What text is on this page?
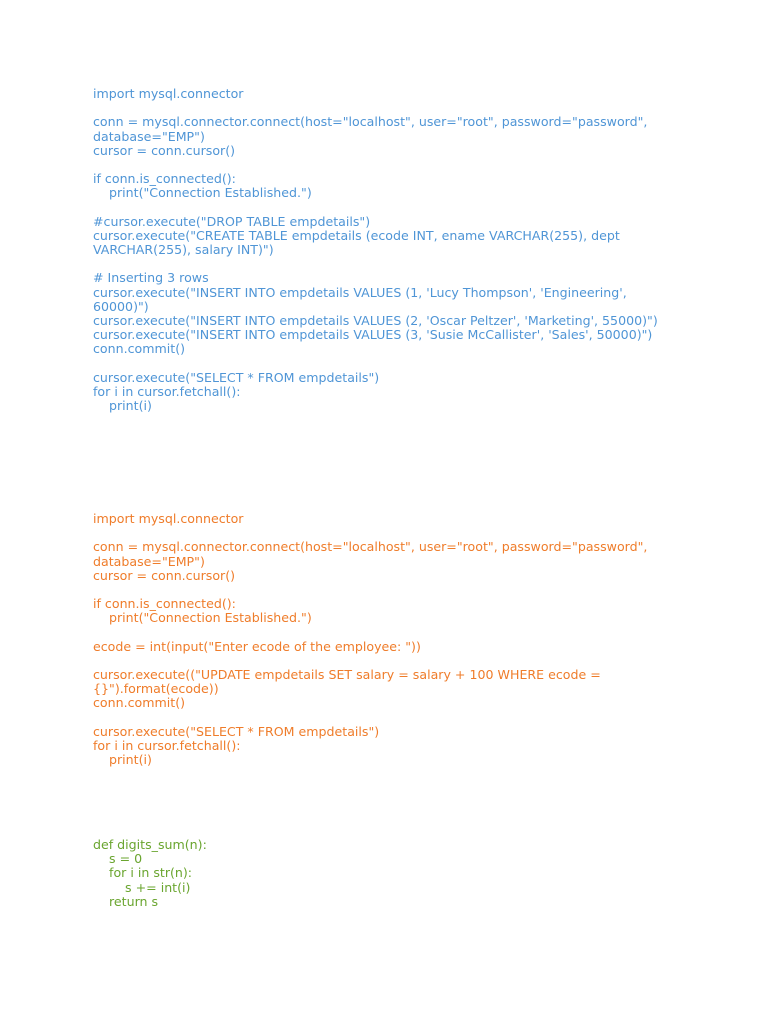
import mysql.connector
conn = mysql.connector.connect(host="localhost", user="root", password="password",
database="EMP")
cursor = conn.cursor()
if conn.is_connected():
print("Connection Established.")
#cursor.execute("DROP TABLE empdetails")
cursor.execute("CREATE TABLE empdetails (ecode INT, ename VARCHAR(255), dept
VARCHAR(255), salary INT)")
# Inserting 3 rows
cursor.execute("INSERT INTO empdetails VALUES (1, 'Lucy Thompson', 'Engineering',
60000)")
cursor.execute("INSERT INTO empdetails VALUES (2, 'Oscar Peltzer', 'Marketing', 55000)")
cursor.execute("INSERT INTO empdetails VALUES (3, 'Susie McCallister', 'Sales', 50000)")
conn.commit()
cursor.execute("SELECT * FROM empdetails")
for i in cursor.fetchall():
print(i)
import mysql.connector
conn = mysql.connector.connect(host="localhost", user="root", password="password",
database="EMP")
cursor = conn.cursor()
if conn.is_connected():
print("Connection Established.")
ecode = int(input("Enter ecode of the employee: "))
cursor.execute(("UPDATE empdetails SET salary = salary + 100 WHERE ecode =
{}").format(ecode))
conn.commit()
cursor.execute("SELECT * FROM empdetails")
for i in cursor.fetchall():
print(i)
def digits_sum(n):
s = 0
for i in str(n):
s += int(i)
return s
